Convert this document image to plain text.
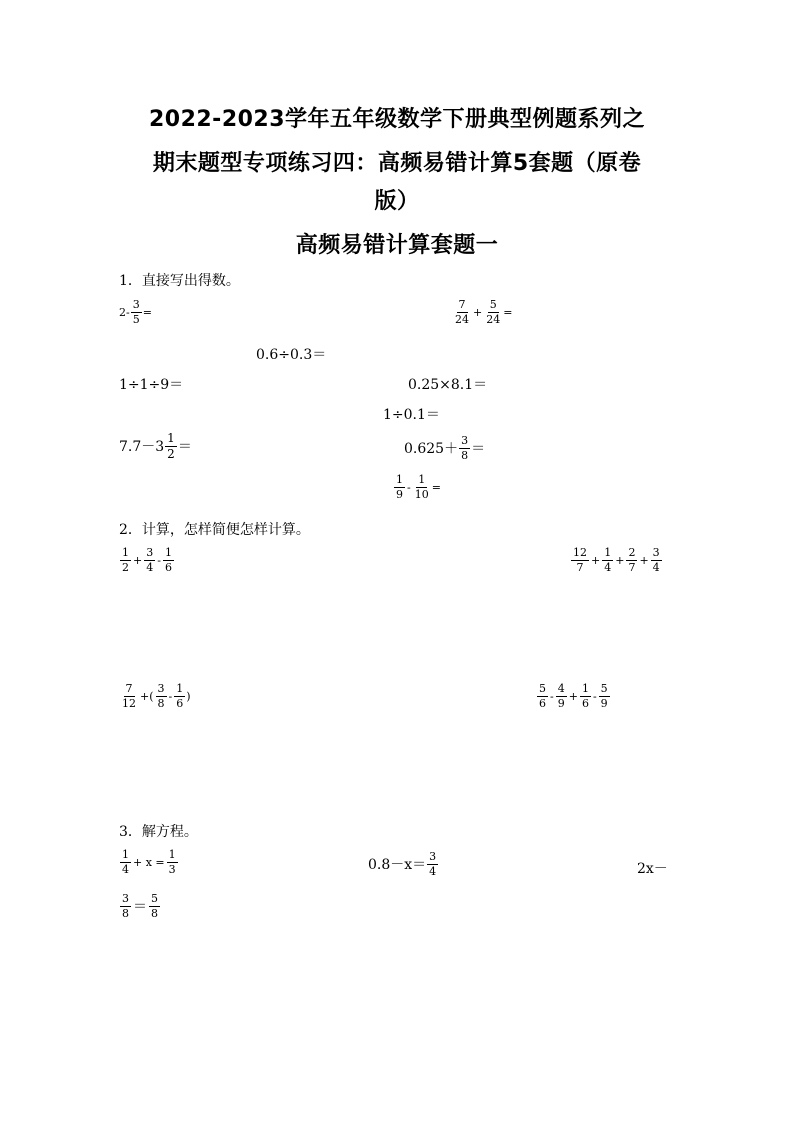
2022-2023学年五年级数学下册典型例题系列之
期末题型专项练习四：高频易错计算5套题（原卷
版）
高频易错计算套题一
1．直接写出得数。
$2- \frac{3}{5}$ =	$\frac{7}{24} + \frac{5}{24}$ =
0.6÷0.3＝
1÷1÷9＝	0.25×8.1＝
1÷0.1＝
$7.7-3 \frac{1}{2}$ ＝	$0.625+ \frac{3}{8}$ ＝
$\frac{1}{9} - \frac{1}{10}$ =
2．计算，怎样简便怎样计算。
$\frac{1}{2} + \frac{3}{4} - \frac{1}{6}$	$\frac{12}{7} + \frac{1}{4} + \frac{2}{7} + \frac{3}{4}$
$\frac{7}{12}$ +( $\frac{3}{8} - \frac{1}{6}$ )	$\frac{5}{6} - \frac{4}{9} + \frac{1}{6} - \frac{5}{9}$
3．解方程。
$\frac{1}{4} + x = \frac{1}{3}$	$0.8-x= \frac{3}{4}$	2x－
$\frac{3}{8} = \frac{5}{8}$
